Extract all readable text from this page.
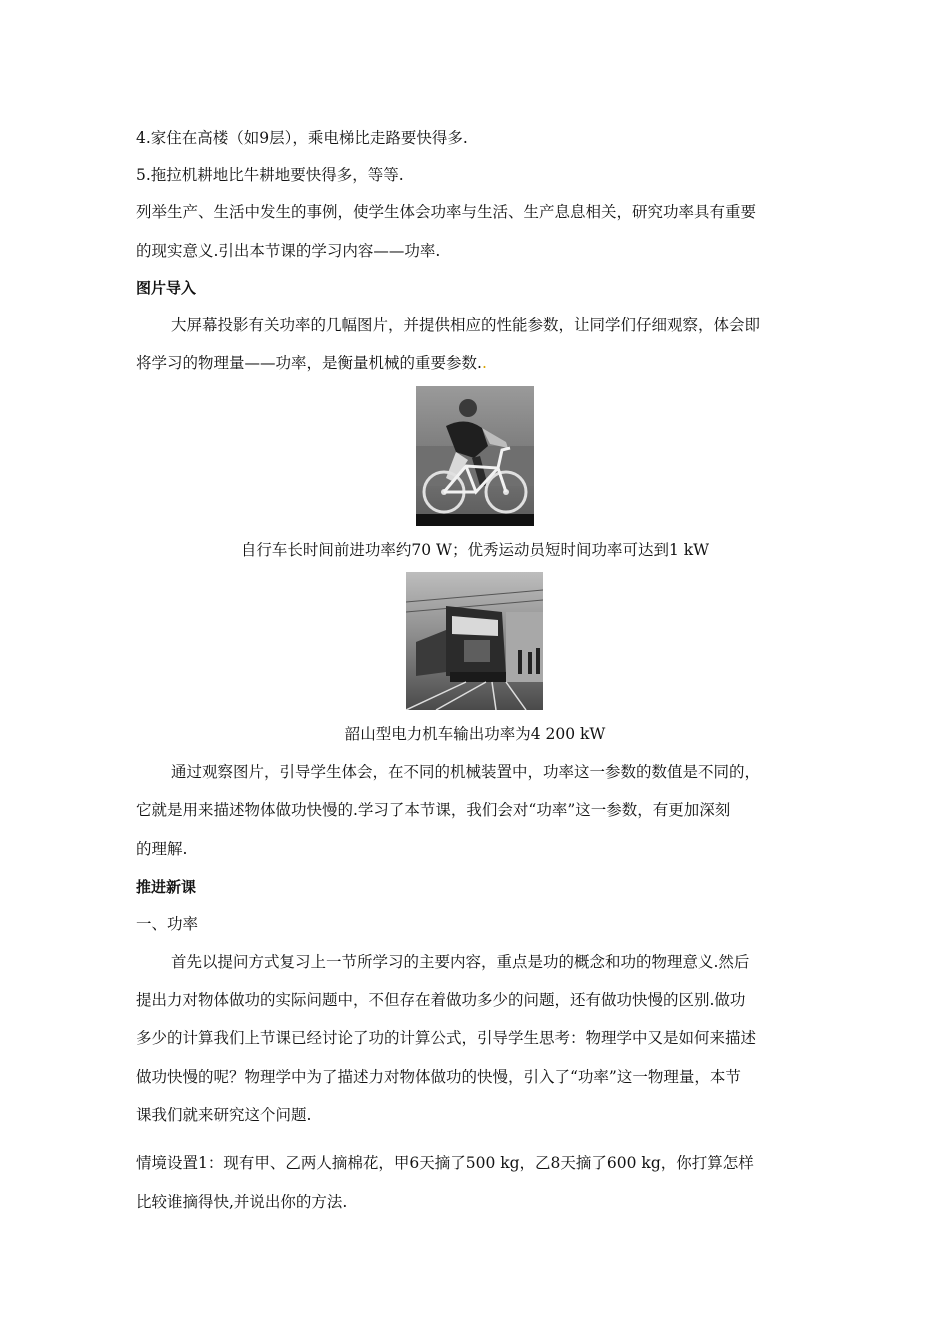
4.家住在高楼（如9层），乘电梯比走路要快得多.
5.拖拉机耕地比牛耕地要快得多，等等.
列举生产、生活中发生的事例，使学生体会功率与生活、生产息息相关，研究功率具有重要
的现实意义.引出本节课的学习内容——功率.
图片导入
大屏幕投影有关功率的几幅图片，并提供相应的性能参数，让同学们仔细观察，体会即
将学习的物理量——功率，是衡量机械的重要参数..
自行车长时间前进功率约70 W；优秀运动员短时间功率可达到1 kW
韶山型电力机车输出功率为4 200 kW
通过观察图片，引导学生体会，在不同的机械装置中，功率这一参数的数值是不同的，
它就是用来描述物体做功快慢的.学习了本节课，我们会对“功率”这一参数，有更加深刻
的理解.
推进新课
一、功率
首先以提问方式复习上一节所学习的主要内容，重点是功的概念和功的物理意义.然后
提出力对物体做功的实际问题中，不但存在着做功多少的问题，还有做功快慢的区别.做功
多少的计算我们上节课已经讨论了功的计算公式，引导学生思考：物理学中又是如何来描述
做功快慢的呢？物理学中为了描述力对物体做功的快慢，引入了“功率”这一物理量，本节
课我们就来研究这个问题.
情境设置1：现有甲、乙两人摘棉花，甲6天摘了500 kg，乙8天摘了600 kg，你打算怎样
比较谁摘得快,并说出你的方法.
